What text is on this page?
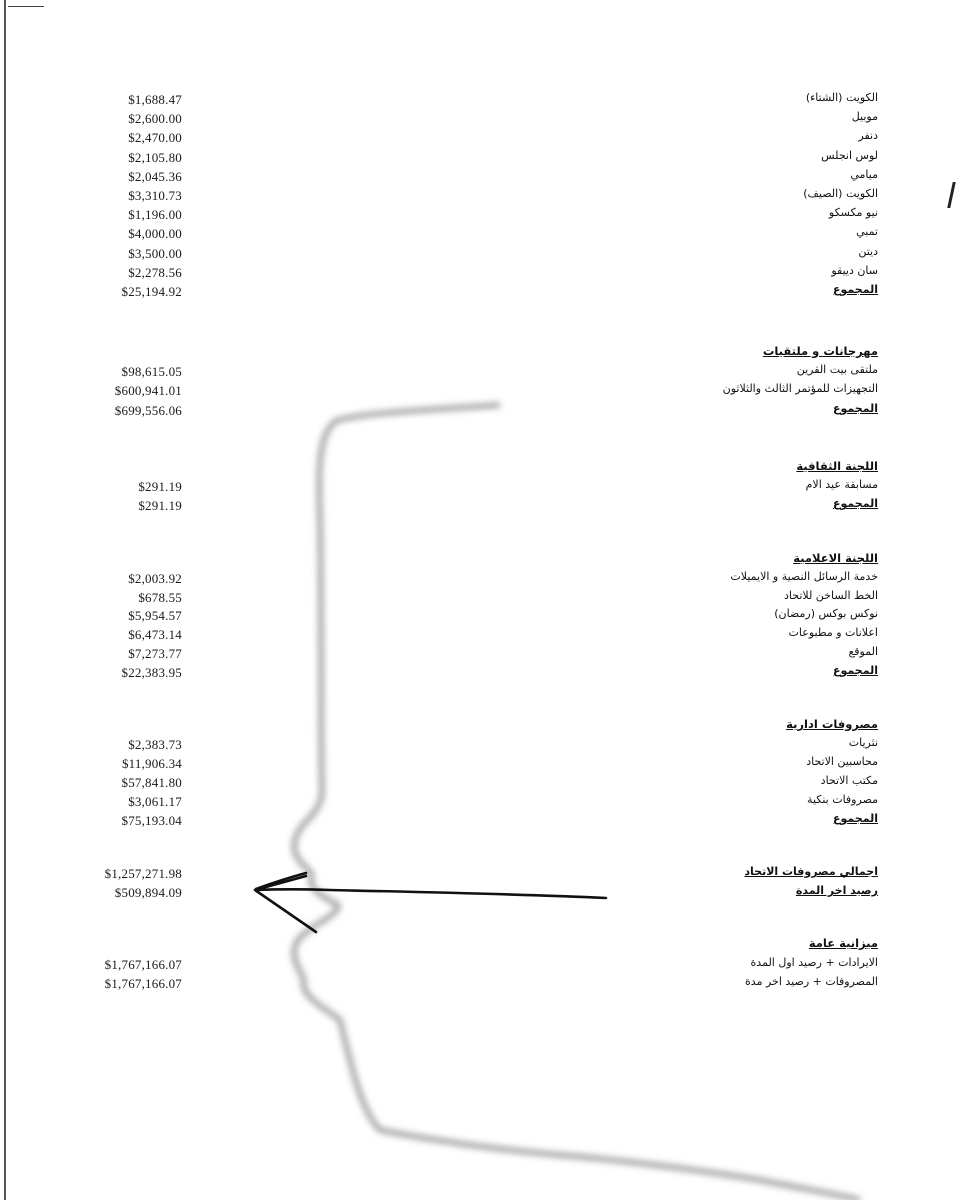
$1,688.47	الكويت (الشتاء)
$2,600.00	موبيل
$2,470.00	دنفر
$2,105.80	لوس انجلس
$2,045.36	ميامي
$3,310.73	الكويت (الصيف)
$1,196.00	نيو مكسكو
$4,000.00	تمبي
$3,500.00	ديتن
$2,278.56	سان دييقو
$25,194.92	المجموع
مهرجانات و ملتقيات
$98,615.05	ملتقى بيت القرين
$600,941.01	التجهيزات للمؤتمر الثالث والثلاثون
$699,556.06	المجموع
اللجنة الثقافية
$291.19	مسابقة عيد الام
$291.19	المجموع
اللجنة الاعلامية
$2,003.92	خدمة الرسائل النصية و الايميلات
$678.55	الخط الساخن للاتحاد
$5,954.57	نوكس بوكس (رمضان)
$6,473.14	اعلانات و مطبوعات
$7,273.77	الموقع
$22,383.95	المجموع
مصروفات ادارية
$2,383.73	نثريات
$11,906.34	محاسبين الاتحاد
$57,841.80	مكتب الاتحاد
$3,061.17	مصروفات بنكية
$75,193.04	المجموع
$1,257,271.98	اجمالي مصروفات الاتحاد
$509,894.09	رصيد اخر المدة
ميزانية عامة
$1,767,166.07	الايرادات + رصيد اول المدة
$1,767,166.07	المصروفات + رصيد اخر مدة
